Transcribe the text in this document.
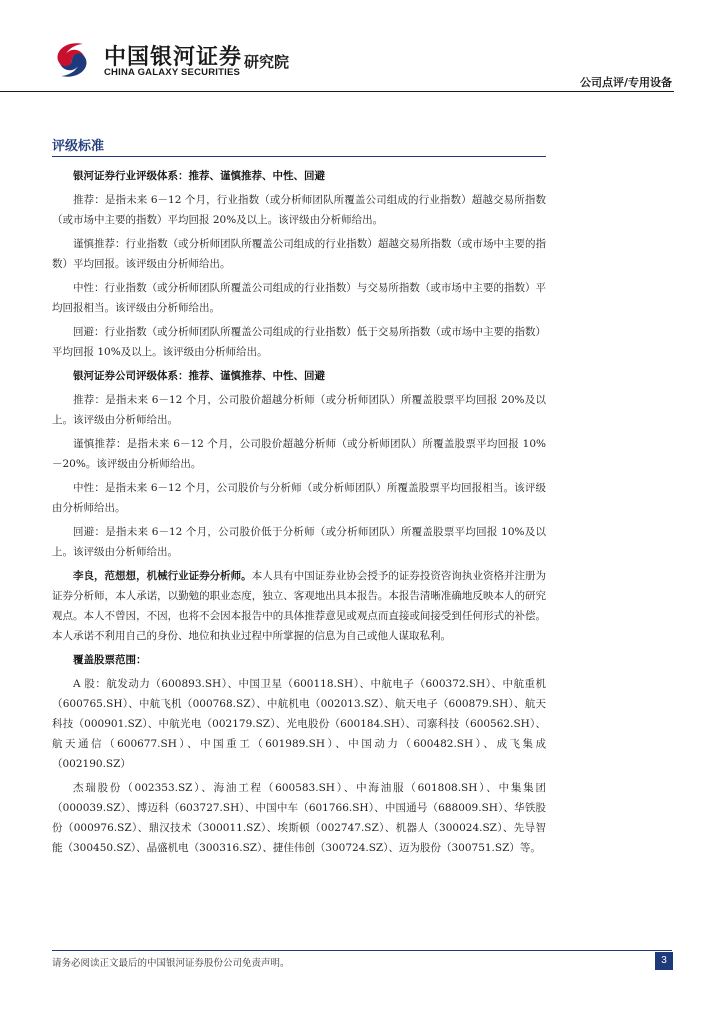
中国银河证券
CHINA GALAXY SECURITIES
研究院
公司点评/专用设备
评级标准

银河证券行业评级体系：推荐、谨慎推荐、中性、回避

推荐：是指未来 6－12 个月，行业指数（或分析师团队所覆盖公司组成的行业指数）超越交易所指数（或市场中主要的指数）平均回报 20%及以上。该评级由分析师给出。

谨慎推荐：行业指数（或分析师团队所覆盖公司组成的行业指数）超越交易所指数（或市场中主要的指数）平均回报。该评级由分析师给出。

中性：行业指数（或分析师团队所覆盖公司组成的行业指数）与交易所指数（或市场中主要的指数）平均回报相当。该评级由分析师给出。

回避：行业指数（或分析师团队所覆盖公司组成的行业指数）低于交易所指数（或市场中主要的指数）平均回报 10%及以上。该评级由分析师给出。

银河证券公司评级体系：推荐、谨慎推荐、中性、回避

推荐：是指未来 6－12 个月，公司股价超越分析师（或分析师团队）所覆盖股票平均回报 20%及以上。该评级由分析师给出。

谨慎推荐：是指未来 6－12 个月，公司股价超越分析师（或分析师团队）所覆盖股票平均回报 10%－20%。该评级由分析师给出。

中性：是指未来 6－12 个月，公司股价与分析师（或分析师团队）所覆盖股票平均回报相当。该评级由分析师给出。

回避：是指未来 6－12 个月，公司股价低于分析师（或分析师团队）所覆盖股票平均回报 10%及以上。该评级由分析师给出。

李良，范想想，机械行业证券分析师。本人具有中国证券业协会授予的证券投资咨询执业资格并注册为证券分析师，本人承诺，以勤勉的职业态度，独立、客观地出具本报告。本报告清晰准确地反映本人的研究观点。本人不曾因，不因，也将不会因本报告中的具体推荐意见或观点而直接或间接受到任何形式的补偿。本人承诺不利用自己的身份、地位和执业过程中所掌握的信息为自己或他人谋取私利。

覆盖股票范围：

A 股：航发动力（600893.SH）、中国卫星（600118.SH）、中航电子（600372.SH）、中航重机（600765.SH）、中航飞机（000768.SZ）、中航机电（002013.SZ）、航天电子（600879.SH）、航天科技（000901.SZ）、中航光电（002179.SZ）、光电股份（600184.SH）、司寨科技（600562.SH）、航天通信（600677.SH）、中国重工（601989.SH）、中国动力（600482.SH）、成飞集成（002190.SZ）

杰瑞股份（002353.SZ）、海油工程（600583.SH）、中海油服（601808.SH）、中集集团（000039.SZ）、博迈科（603727.SH）、中国中车（601766.SH）、中国通号（688009.SH）、华铁股份（000976.SZ）、鼎汉技术（300011.SZ）、埃斯顿（002747.SZ）、机器人（300024.SZ）、先导智能（300450.SZ）、晶盛机电（300316.SZ）、捷佳伟创（300724.SZ）、迈为股份（300751.SZ）等。

请务必阅读正文最后的中国银河证券股份公司免责声明。	3
